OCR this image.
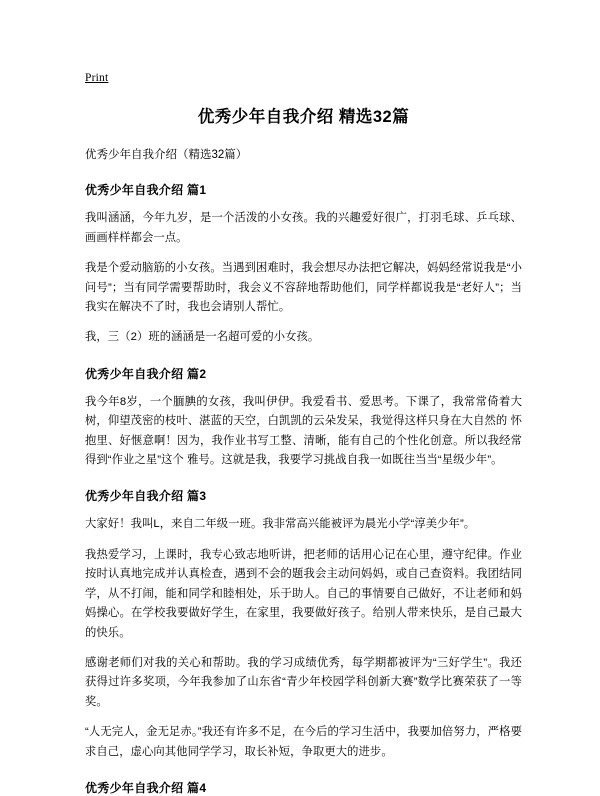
Print
优秀少年自我介绍 精选32篇
优秀少年自我介绍（精选32篇）
优秀少年自我介绍 篇1

我叫涵涵，今年九岁，是一个活泼的小女孩。我的兴趣爱好很广，打羽毛球、乒乓球、画画样样都会一点。

我是个爱动脑筋的小女孩。当遇到困难时，我会想尽办法把它解决，妈妈经常说我是“小问号”；当有同学需要帮助时，我会义不容辞地帮助他们，同学样都说我是“老好人”；当我实在解决不了时，我也会请别人帮忙。

我，三（2）班的涵涵是一名超可爱的小女孩。

优秀少年自我介绍 篇2

我今年8岁，一个腼腆的女孩，我叫伊伊。我爱看书、爱思考。下课了，我常常倚着大树，仰望茂密的枝叶、湛蓝的天空，白凯凯的云朵发呆，我觉得这样只身在大自然的 怀抱里、好惬意啊！因为，我作业书写工整、清晰，能有自己的个性化创意。所以我经常得到“作业之星”这个 雅号。这就是我，我要学习挑战自我一如既往当当“星级少年”。

优秀少年自我介绍 篇3

大家好！我叫L，来自二年级一班。我非常高兴能被评为晨光小学“淳美少年”。

我热爱学习，上课时，我专心致志地听讲，把老师的话用心记在心里，遵守纪律。作业按时认真地完成并认真检查，遇到不会的题我会主动问妈妈，或自己查资料。我团结同学，从不打闹，能和同学和睦相处，乐于助人。自己的事情要自己做好，不让老师和妈妈操心。在学校我要做好学生，在家里，我要做好孩子。给别人带来快乐，是自己最大的快乐。

感谢老师们对我的关心和帮助。我的学习成绩优秀，每学期都被评为“三好学生”。我还获得过许多奖项，今年我参加了山东省“青少年校园学科创新大赛”数学比赛荣获了一等奖。

“人无完人，金无足赤。”我还有许多不足，在今后的学习生活中，我要加倍努力，严格要求自己，虚心向其他同学学习，取长补短，争取更大的进步。

优秀少年自我介绍 篇4
